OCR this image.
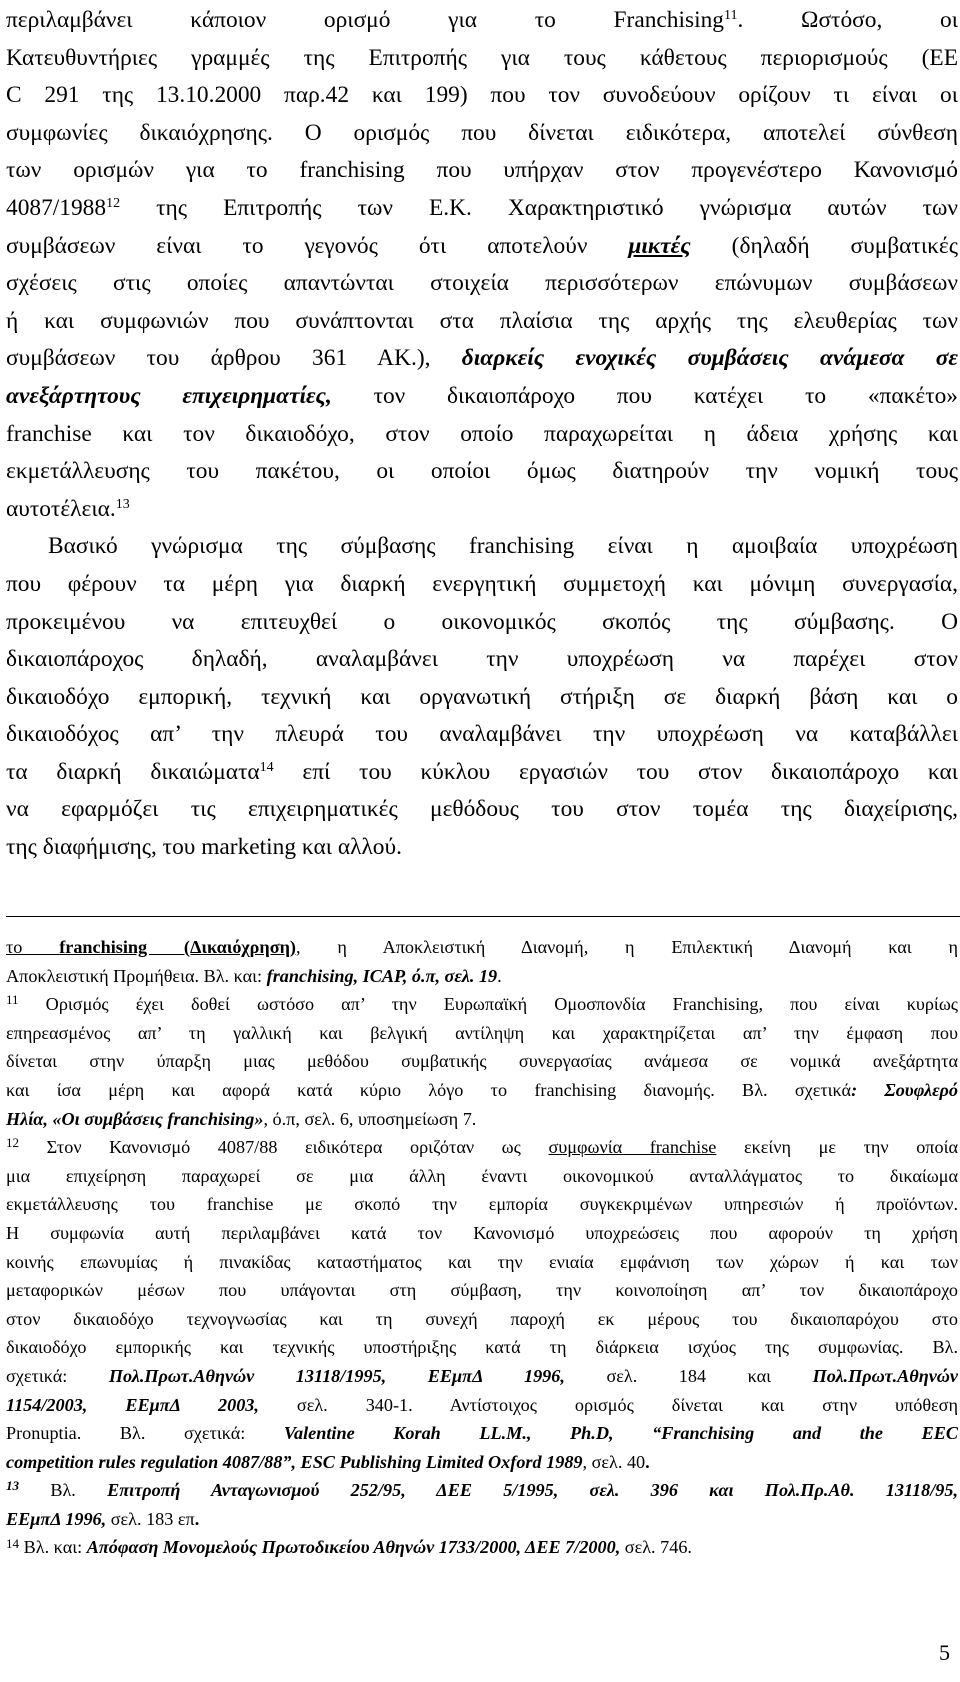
περιλαμβάνει κάποιον ορισμό για το Franchising$^{11}$. Ωστόσο, οι
Κατευθυντήριες γραμμές της Επιτροπής για τους κάθετους περιορισμούς (ΕΕ
C 291 της 13.10.2000 παρ.42 και 199) που τον συνοδεύουν ορίζουν τι είναι οι
συμφωνίες δικαιόχρησης. Ο ορισμός που δίνεται ειδικότερα, αποτελεί σύνθεση
των ορισμών για το franchising που υπήρχαν στον προγενέστερο Κανονισμό
4087/1988$^{12}$ της Επιτροπής των Ε.Κ. Χαρακτηριστικό γνώρισμα αυτών των
συμβάσεων είναι το γεγονός ότι αποτελούν μικτές (δηλαδή συμβατικές
σχέσεις στις οποίες απαντώνται στοιχεία περισσότερων επώνυμων συμβάσεων
ή και συμφωνιών που συνάπτονται στα πλαίσια της αρχής της ελευθερίας των
συμβάσεων του άρθρου 361 ΑΚ.), διαρκείς ενοχικές συμβάσεις ανάμεσα σε
ανεξάρτητους επιχειρηματίες, τον δικαιοπάροχο που κατέχει το «πακέτο»
franchise και τον δικαιοδόχο, στον οποίο παραχωρείται η άδεια χρήσης και
εκμετάλλευσης του πακέτου, οι οποίοι όμως διατηρούν την νομική τους
αυτοτέλεια.$^{13}$

Βασικό γνώρισμα της σύμβασης franchising είναι η αμοιβαία υποχρέωση
που φέρουν τα μέρη για διαρκή ενεργητική συμμετοχή και μόνιμη συνεργασία,
προκειμένου να επιτευχθεί ο οικονομικός σκοπός της σύμβασης. Ο
δικαιοπάροχος δηλαδή, αναλαμβάνει την υποχρέωση να παρέχει στον
δικαιοδόχο εμπορική, τεχνική και οργανωτική στήριξη σε διαρκή βάση και ο
δικαιοδόχος απ’ την πλευρά του αναλαμβάνει την υποχρέωση να καταβάλλει
τα διαρκή δικαιώματα$^{14}$ επί του κύκλου εργασιών του στον δικαιοπάροχο και
να εφαρμόζει τις επιχειρηματικές μεθόδους του στον τομέα της διαχείρισης,
της διαφήμισης, του marketing και αλλού.

το franchising (Δικαιόχρηση), η Αποκλειστική Διανομή, η Επιλεκτική Διανομή και η
Αποκλειστική Προμήθεια. Βλ. και: franchising, ICAP, ό.π, σελ. 19.

$^{11}$ Ορισμός έχει δοθεί ωστόσο απ’ την Ευρωπαϊκή Ομοσπονδία Franchising, που είναι κυρίως
επηρεασμένος απ’ τη γαλλική και βελγική αντίληψη και χαρακτηρίζεται απ’ την έμφαση που
δίνεται στην ύπαρξη μιας μεθόδου συμβατικής συνεργασίας ανάμεσα σε νομικά ανεξάρτητα
και ίσα μέρη και αφορά κατά κύριο λόγο το franchising διανομής. Βλ. σχετικά: Σουφλερό
Ηλία, «Οι συμβάσεις franchising», ό.π, σελ. 6, υποσημείωση 7.

$^{12}$ Στον Κανονισμό 4087/88 ειδικότερα οριζόταν ως συμφωνία franchise εκείνη με την οποία
μια επιχείρηση παραχωρεί σε μια άλλη έναντι οικονομικού ανταλλάγματος το δικαίωμα
εκμετάλλευσης του franchise με σκοπό την εμπορία συγκεκριμένων υπηρεσιών ή προϊόντων.
Η συμφωνία αυτή περιλαμβάνει κατά τον Κανονισμό υποχρεώσεις που αφορούν τη χρήση
κοινής επωνυμίας ή πινακίδας καταστήματος και την ενιαία εμφάνιση των χώρων ή και των
μεταφορικών μέσων που υπάγονται στη σύμβαση, την κοινοποίηση απ’ τον δικαιοπάροχο
στον δικαιοδόχο τεχνογνωσίας και τη συνεχή παροχή εκ μέρους του δικαιοπαρόχου στο
δικαιοδόχο εμπορικής και τεχνικής υποστήριξης κατά τη διάρκεια ισχύος της συμφωνίας. Βλ.
σχετικά: Πολ.Πρωτ.Αθηνών 13118/1995, ΕΕμπΔ 1996, σελ. 184 και Πολ.Πρωτ.Αθηνών
1154/2003, ΕΕμπΔ 2003, σελ. 340-1. Αντίστοιχος ορισμός δίνεται και στην υπόθεση
Pronuptia. Βλ. σχετικά: Valentine Korah LL.M., Ph.D, “Franchising and the EEC
competition rules regulation 4087/88”, ESC Publishing Limited Oxford 1989, σελ. 40.

$^{13}$ Βλ. Επιτροπή Ανταγωνισμού 252/95, ΔΕΕ 5/1995, σελ. 396 και Πολ.Πρ.Αθ. 13118/95,
ΕΕμπΔ 1996, σελ. 183 επ.

$^{14}$ Βλ. και: Απόφαση Μονομελούς Πρωτοδικείου Αθηνών 1733/2000, ΔΕΕ 7/2000, σελ. 746.

5
